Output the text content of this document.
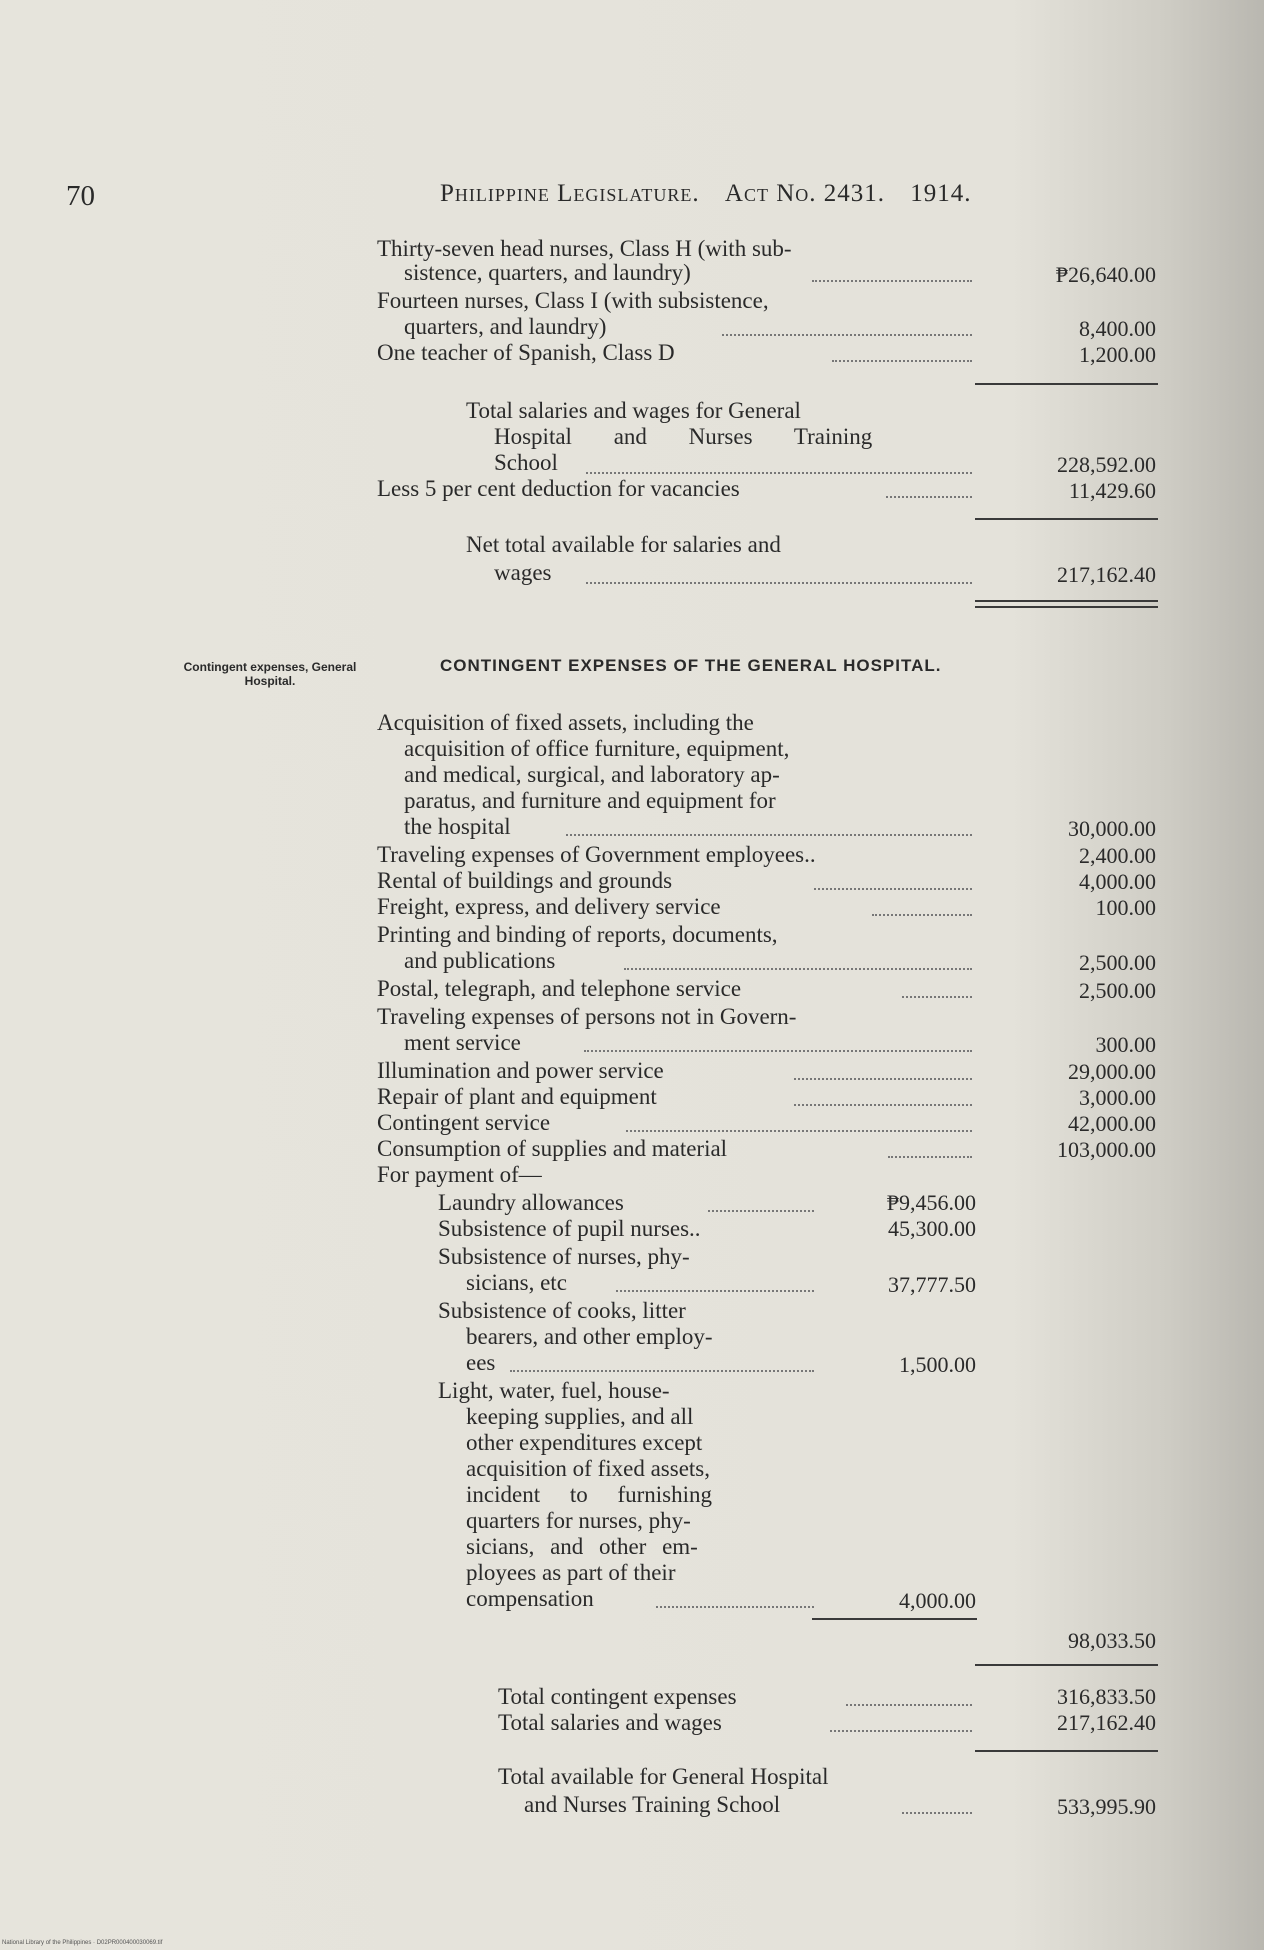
70	Philippine Legislature. Act No. 2431. 1914.
Thirty-seven head nurses, Class H (with sub-
sistence, quarters, and laundry)	₱26,640.00
Fourteen nurses, Class I (with subsistence,
quarters, and laundry)	8,400.00
One teacher of Spanish, Class D	1,200.00
Total salaries and wages for General
Hospital and Nurses Training
School	228,592.00
Less 5 per cent deduction for vacancies	11,429.60
Net total available for salaries and
wages	217,162.40
Contingent expenses, General Hospital.
CONTINGENT EXPENSES OF THE GENERAL HOSPITAL.
Acquisition of fixed assets, including the
acquisition of office furniture, equipment,
and medical, surgical, and laboratory ap-
paratus, and furniture and equipment for
the hospital	30,000.00
Traveling expenses of Government employees..	2,400.00
Rental of buildings and grounds	4,000.00
Freight, express, and delivery service	100.00
Printing and binding of reports, documents,
and publications	2,500.00
Postal, telegraph, and telephone service	2,500.00
Traveling expenses of persons not in Govern-
ment service	300.00
Illumination and power service	29,000.00
Repair of plant and equipment	3,000.00
Contingent service	42,000.00
Consumption of supplies and material	103,000.00
For payment of—
Laundry allowances	₱9,456.00
Subsistence of pupil nurses..	45,300.00
Subsistence of nurses, phy-
sicians, etc	37,777.50
Subsistence of cooks, litter
bearers, and other employ-
ees	1,500.00
Light, water, fuel, house-
keeping supplies, and all
other expenditures except
acquisition of fixed assets,
incident to furnishing
quarters for nurses, phy-
sicians, and other em-
ployees as part of their
compensation	4,000.00
98,033.50
Total contingent expenses	316,833.50
Total salaries and wages	217,162.40
Total available for General Hospital
and Nurses Training School	533,995.90
National Library of the Philippines · D02PR000400030069.tif
